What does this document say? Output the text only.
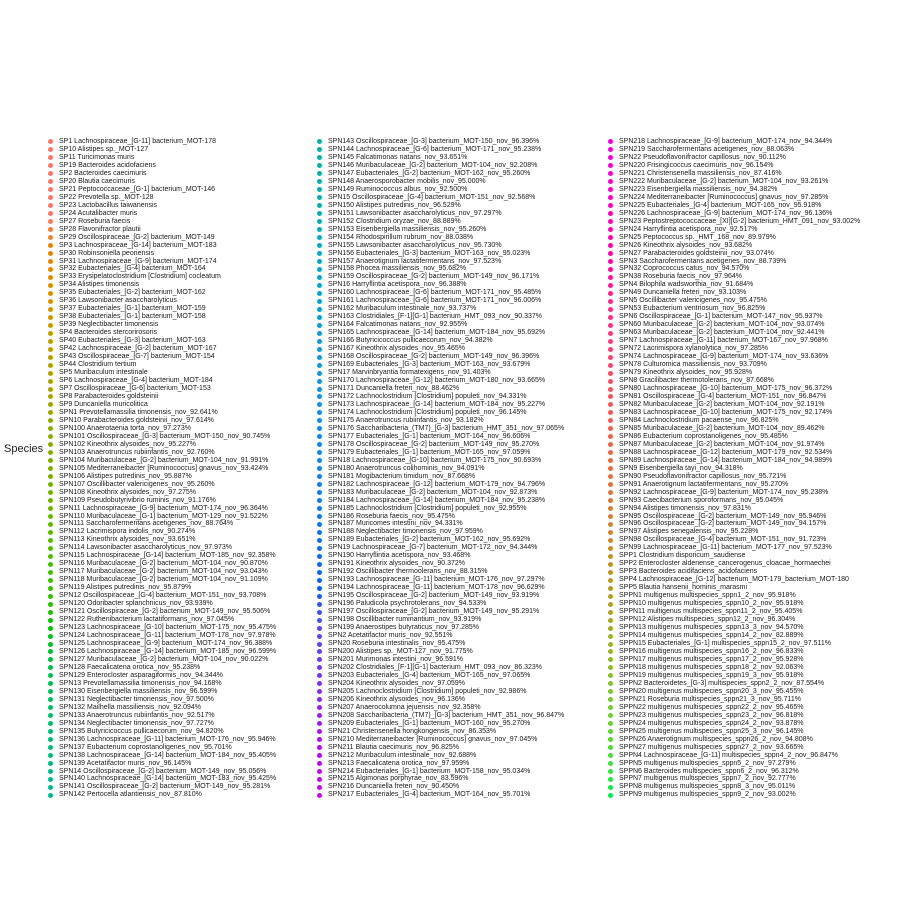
Species
SP1 Lachnospiraceae_[G-11] bacterium_MOT-178
SP10 Alistipes sp._MOT-127
SP11 Turicimonas muris
SP19 Bacteroides acidofaciens
SP2 Bacteroides caecimuris
SP20 Blautia caecimuris
SP21 Peptococcaceae_[G-1] bacterium_MOT-146
SP22 Prevotella sp._MOT-128
SP23 Lactobacillus taiwanensis
SP24 Acutalibacter muris
SP27 Roseburia faecis
SP28 Flavonifractor plautii
SP29 Oscillospiraceae_[G-2] bacterium_MOT-149
SP3 Lachnospiraceae_[G-14] bacterium_MOT-183
SP30 Robinsoniella peoriensis
SP31 Lachnospiraceae_[G-9] bacterium_MOT-174
SP32 Eubacteriales_[G-4] bacterium_MOT-164
SP33 Erysipelatoclostridium [Clostridium] cocleatum
SP34 Alistipes timonensis
SP35 Eubacteriales_[G-2] bacterium_MOT-162
SP36 Lawsonibacter asaccharolyticus
SP37 Eubacteriales_[G-1] bacterium_MOT-159
SP38 Eubacteriales_[G-1] bacterium_MOT-158
SP39 Neglectibacter timonensis
SP4 Bacteroides stercorirosoris
SP40 Eubacteriales_[G-3] bacterium_MOT-163
SP42 Lachnospiraceae_[G-2] bacterium_MOT-167
SP43 Oscillospiraceae_[G-7] bacterium_MOT-154
SP44 Clostridium tertium
SP5 Muribaculum intestinale
SP6 Lachnospiraceae_[G-4] bacterium_MOT-184
SP7 Oscillospiraceae_[G-6] bacterium_MOT-153
SP8 Parabacteroides goldsteinii
SP9 Duncaniella muricolitica
SPN1 Prevotellamassilia timonensis_nov_92.641%
SPN10 Parabacteroides goldsteinii_nov_97.614%
SPN100 Anaerotaenia torta_nov_97.273%
SPN101 Oscillospiraceae_[G-3] bacterium_MOT-150_nov_90.745%
SPN102 Kineothrix alysoides_nov_95.227%
SPN103 Anaerotruncus rubiinfantis_nov_92.760%
SPN104 Muribaculaceae_[G-2] bacterium_MOT-104_nov_91.991%
SPN105 Mediterraneibacter [Ruminococcus] gnavus_nov_93.424%
SPN106 Alistipes putredinis_nov_95.887%
SPN107 Oscillibacter valericigenes_nov_95.260%
SPN108 Kineothrix alysoides_nov_97.275%
SPN109 Pseudobutyrivibrio ruminis_nov_91.176%
SPN11 Lachnospiraceae_[G-9] bacterium_MOT-174_nov_96.364%
SPN110 Muribaculaceae_[G-1] bacterium_MOT-129_nov_91.522%
SPN111 Saccharofermentans acetigenes_nov_88.764%
SPN112 Lacrimispora indolis_nov_90.274%
SPN113 Kineothrix alysoides_nov_93.651%
SPN114 Lawsonibacter asaccharolyticus_nov_97.973%
SPN115 Lachnospiraceae_[G-14] bacterium_MOT-185_nov_92.358%
SPN116 Muribaculaceae_[G-2] bacterium_MOT-104_nov_90.870%
SPN117 Muribaculaceae_[G-2] bacterium_MOT-104_nov_93.043%
SPN118 Muribaculaceae_[G-2] bacterium_MOT-104_nov_91.109%
SPN119 Alistipes putredinis_nov_95.879%
SPN12 Oscillospiraceae_[G-4] bacterium_MOT-151_nov_93.708%
SPN120 Odoribacter splanchnicus_nov_93.939%
SPN121 Oscillospiraceae_[G-2] bacterium_MOT-149_nov_95.506%
SPN122 Ruthenibacterium lactatiformans_nov_97.045%
SPN123 Lachnospiraceae_[G-10] bacterium_MOT-175_nov_95.475%
SPN124 Lachnospiraceae_[G-11] bacterium_MOT-178_nov_97.978%
SPN125 Lachnospiraceae_[G-9] bacterium_MOT-174_nov_96.388%
SPN126 Lachnospiraceae_[G-14] bacterium_MOT-185_nov_96.599%
SPN127 Muribaculaceae_[G-2] bacterium_MOT-104_nov_90.022%
SPN128 Faecalicatena orotica_nov_95.238%
SPN129 Enterocloster asparagiformis_nov_94.344%
SPN13 Prevotellamassilia timonensis_nov_94.168%
SPN130 Eisenbergiella massiliensis_nov_96.599%
SPN131 Neglectibacter timonensis_nov_97.500%
SPN132 Mailhella massiliensis_nov_92.094%
SPN133 Anaerotruncus rubiinfantis_nov_92.517%
SPN134 Neglectibacter timonensis_nov_97.727%
SPN135 Butyricicoccus pullicaecorum_nov_94.820%
SPN136 Lachnospiraceae_[G-11] bacterium_MOT-176_nov_95.946%
SPN137 Eubacterium coprostanoligenes_nov_95.701%
SPN138 Lachnospiraceae_[G-14] bacterium_MOT-184_nov_95.405%
SPN139 Acetatifactor muris_nov_96.145%
SPN14 Oscillospiraceae_[G-2] bacterium_MOT-149_nov_95.056%
SPN140 Lachnospiraceae_[G-14] bacterium_MOT-183_nov_95.425%
SPN141 Oscillospiraceae_[G-2] bacterium_MOT-149_nov_95.281%
SPN142 Pertocella atlantiensis_nov_87.810%
SPN143 Oscillospiraceae_[G-3] bacterium_MOT-150_nov_96.396%
SPN144 Lachnospiraceae_[G-6] bacterium_MOT-171_nov_95.238%
SPN145 Falcatimonas natans_nov_93.651%
SPN146 Muribaculaceae_[G-2] bacterium_MOT-104_nov_92.208%
SPN147 Eubacteriales_[G-2] bacterium_MOT-162_nov_95.260%
SPN148 Anaerosporobacter mobilis_nov_95.000%
SPN149 Ruminococcus albus_nov_92.500%
SPN15 Oscillospiraceae_[G-4] bacterium_MOT-151_nov_92.568%
SPN150 Alistipes putredinis_nov_96.529%
SPN151 Lawsonibacter asaccharolyticus_nov_97.297%
SPN152 Clostridium oryzae_nov_88.889%
SPN153 Eisenbergiella massiliensis_nov_95.260%
SPN154 Rhodospirillum rubrum_nov_88.038%
SPN155 Lawsonibacter asaccharolyticus_nov_95.730%
SPN156 Eubacteriales_[G-3] bacterium_MOT-163_nov_95.023%
SPN157 Anaerotignum lactatifermentans_nov_97.523%
SPN158 Phocea massiliensis_nov_95.682%
SPN159 Oscillospiraceae_[G-2] bacterium_MOT-149_nov_96.171%
SPN16 Harryflintia acetispora_nov_96.388%
SPN160 Lachnospiraceae_[G-6] bacterium_MOT-171_nov_95.485%
SPN161 Lachnospiraceae_[G-6] bacterium_MOT-171_nov_96.006%
SPN162 Muribaculum intestinale_nov_93.737%
SPN163 Clostridiales_[F-1][G-1] bacterium_HMT_093_nov_90.337%
SPN164 Falcatimonas natans_nov_92.955%
SPN165 Lachnospiraceae_[G-14] bacterium_MOT-184_nov_95.692%
SPN166 Butyricicoccus pullicaecorum_nov_94.382%
SPN167 Kineothrix alysoides_nov_95.465%
SPN168 Oscillospiraceae_[G-2] bacterium_MOT-149_nov_96.396%
SPN169 Eubacteriales_[G-3] bacterium_MOT-163_nov_93.679%
SPN17 Marvinbryantia formatexigens_nov_91.403%
SPN170 Lachnospiraceae_[G-12] bacterium_MOT-180_nov_93.665%
SPN171 Duncaniella freteri_nov_88.462%
SPN172 Lachnoclostridium [Clostridium] populeti_nov_94.331%
SPN173 Lachnospiraceae_[G-14] bacterium_MOT-184_nov_95.227%
SPN174 Lachnoclostridium [Clostridium] populeti_nov_96.145%
SPN175 Anaerotruncus rubiinfantis_nov_93.182%
SPN176 Saccharibacteria_(TM7)_[G-3] bacterium_HMT_351_nov_97.065%
SPN177 Eubacteriales_[G-1] bacterium_MOT-164_nov_96.606%
SPN178 Oscillospiraceae_[G-2] bacterium_MOT-149_nov_95.270%
SPN179 Eubacteriales_[G-1] bacterium_MOT-165_nov_97.059%
SPN18 Lachnospiraceae_[G-10] bacterium_MOT-175_nov_90.693%
SPN180 Anaerotruncus colihominis_nov_94.091%
SPN181 Mogibacterium timidum_nov_87.668%
SPN182 Lachnospiraceae_[G-12] bacterium_MOT-179_nov_94.796%
SPN183 Muribaculaceae_[G-2] bacterium_MOT-104_nov_92.873%
SPN184 Lachnospiraceae_[G-14] bacterium_MOT-184_nov_95.238%
SPN185 Lachnoclostridium [Clostridium] populeti_nov_92.955%
SPN186 Roseburia faecis_nov_95.475%
SPN187 Muricomes intestini_nov_94.331%
SPN188 Neglectibacter timonensis_nov_97.959%
SPN189 Eubacteriales_[G-2] bacterium_MOT-162_nov_95.692%
SPN19 Lachnospiraceae_[G-7] bacterium_MOT-172_nov_94.344%
SPN190 Harryflintia acetispora_nov_93.468%
SPN191 Kineothrix alysoides_nov_90.372%
SPN192 Oscillibacter thermoolerans_nov_88.315%
SPN193 Lachnospiraceae_[G-11] bacterium_MOT-176_nov_97.297%
SPN194 Lachnospiraceae_[G-11] bacterium_MOT-178_nov_96.629%
SPN195 Oscillospiraceae_[G-2] bacterium_MOT-149_nov_93.919%
SPN196 Paludicola psychrotolerans_nov_94.533%
SPN197 Oscillospiraceae_[G-2] bacterium_MOT-149_nov_95.291%
SPN198 Oscillibacter ruminantium_nov_93.919%
SPN199 Anaerostipes butyraticus_nov_97.285%
SPN2 Acetatifactor muris_nov_92.551%
SPN20 Roseburia intestinalis_nov_95.475%
SPN200 Alistipes sp._MOT-127_nov_91.775%
SPN201 Murimonas intestini_nov_96.591%
SPN202 Clostridiales_[F-1][G-1] bacterium_HMT_093_nov_86.323%
SPN203 Eubacteriales_[G-4] bacterium_MOT-165_nov_97.065%
SPN204 Kineothrix alysoides_nov_97.059%
SPN205 Lachnoclostridium [Clostridium] populeti_nov_92.986%
SPN206 Kineothrix alysoides_nov_96.136%
SPN207 Anaerocolumna jejuensis_nov_92.358%
SPN208 Saccharibacteria_(TM7)_[G-3] bacterium_HMT_351_nov_96.847%
SPN209 Eubacteriales_[G-1] bacterium_MOT-160_nov_95.270%
SPN21 Christensenella hongkongensis_nov_86.353%
SPN210 Mediterraneibacter [Ruminococcus] gnavus_nov_97.045%
SPN211 Blautia caecimuris_nov_96.825%
SPN212 Muribaculum intestinale_nov_92.688%
SPN213 Faecalicatena orotica_nov_97.959%
SPN214 Eubacteriales_[G-1] bacterium_MOT-158_nov_95.034%
SPN215 Algimonas porphyrae_nov_83.596%
SPN216 Duncaniella freteri_nov_90.450%
SPN217 Eubacteriales_[G-4] bacterium_MOT-164_nov_95.701%
SPN218 Lachnospiraceae_[G-9] bacterium_MOT-174_nov_94.344%
SPN219 Saccharofermentans acetigenes_nov_88.063%
SPN22 Pseudoflavonifractor capillosus_nov_90.112%
SPN220 Frisingicoccus caecimuris_nov_96.154%
SPN221 Christensenella massiliensis_nov_87.416%
SPN222 Muribaculaceae_[G-2] bacterium_MOT-104_nov_93.261%
SPN223 Eisenbergiella massiliensis_nov_94.382%
SPN224 Mediterraneibacter [Ruminococcus] gnavus_nov_97.285%
SPN225 Eubacteriales_[G-4] bacterium_MOT-165_nov_95.918%
SPN226 Lachnospiraceae_[G-9] bacterium_MOT-174_nov_96.136%
SPN23 Peptostreptococcaceae_[XI][G-2] bacterium_HMT_091_nov_93.002%
SPN24 Harryflintia acetispora_nov_92.517%
SPN25 Peptococcus sp._HMT_168_nov_89.979%
SPN26 Kineothrix alysoides_nov_93.682%
SPN27 Parabacteroides goldsteinii_nov_93.074%
SPN3 Saccharofermentans acetigenes_nov_88.739%
SPN32 Coprococcus catus_nov_94.570%
SPN38 Roseburia faecis_nov_97.964%
SPN4 Bilophila wadsworthia_nov_91.684%
SPN49 Duncaniella freteri_nov_93.103%
SPN5 Oscillibacter valericigenes_nov_95.475%
SPN53 Eubacterium ventriosum_nov_96.825%
SPN6 Oscillospiraceae_[G-1] bacterium_MOT-147_nov_95.937%
SPN60 Muribaculaceae_[G-2] bacterium_MOT-104_nov_93.074%
SPN63 Muribaculaceae_[G-2] bacterium_MOT-104_nov_92.441%
SPN7 Lachnospiraceae_[G-11] bacterium_MOT-167_nov_97.968%
SPN72 Lacrimispora xylanolytica_nov_97.285%
SPN74 Lachnospiraceae_[G-9] bacterium_MOT-174_nov_93.636%
SPN78 Culturomica massiliensis_nov_93.709%
SPN79 Kineothrix alysoides_nov_95.928%
SPN8 Gracilibacter thermotolerans_nov_87.668%
SPN80 Lachnospiraceae_[G-10] bacterium_MOT-175_nov_96.372%
SPN81 Oscillospiraceae_[G-4] bacterium_MOT-151_nov_96.847%
SPN82 Muribaculaceae_[G-2] bacterium_MOT-104_nov_92.191%
SPN83 Lachnospiraceae_[G-10] bacterium_MOT-175_nov_92.174%
SPN84 Lachnoclostridium pacaense_nov_96.825%
SPN85 Muribaculaceae_[G-2] bacterium_MOT-104_nov_89.462%
SPN86 Eubacterium coprostanoligenes_nov_95.485%
SPN87 Muribaculaceae_[G-2] bacterium_MOT-104_nov_91.974%
SPN88 Lachnospiraceae_[G-12] bacterium_MOT-179_nov_92.534%
SPN89 Lachnospiraceae_[G-14] bacterium_MOT-184_nov_94.989%
SPN9 Eisenbergiella tayi_nov_94.318%
SPN90 Pseudoflavonifractor capillosus_nov_95.721%
SPN91 Anaerotignum lactatifermentans_nov_95.270%
SPN92 Lachnospiraceae_[G-9] bacterium_MOT-174_nov_95.238%
SPN93 Caecibacterium sporoformans_nov_95.045%
SPN94 Alistipes timonensis_nov_97.831%
SPN95 Oscillospiraceae_[G-2] bacterium_MOT-149_nov_95.946%
SPN96 Oscillospiraceae_[G-2] bacterium_MOT-149_nov_94.157%
SPN97 Alistipes senegalensis_nov_95.228%
SPN98 Oscillospiraceae_[G-4] bacterium_MOT-151_nov_91.723%
SPN99 Lachnospiraceae_[G-11] bacterium_MOT-177_nov_97.523%
SPP1 Clostridium disporicum_saudiense
SPP2 Enterocloster aldenense_cancerogenus_cloacae_hormaechei
SPP3 Bacteroides acidifaciens_acidofaciens
SPP4 Lachnospiraceae_[G-12] bacterium_MOT-179_bacterium_MOT-180
SPP5 Blautia hansenii_hominis_marasmi
SPPN1 multigenus multispecies_sppn1_2_nov_95.918%
SPPN10 multigenus multispecies_sppn10_2_nov_95.918%
SPPN11 multigenus multispecies_sppn11_2_nov_95.405%
SPPN12 Alistipes multispecies_sppn12_2_nov_96.304%
SPPN13 multigenus multispecies_sppn13_3_nov_94.570%
SPPN14 multigenus multispecies_sppn14_2_nov_82.889%
SPPN15 Eubacteriales_[G-1] multispecies_sppn15_2_nov_97.511%
SPPN16 multigenus multispecies_sppn16_2_nov_96.833%
SPPN17 multigenus multispecies_sppn17_2_nov_95.928%
SPPN18 multigenus multispecies_sppn18_2_nov_92.063%
SPPN19 multigenus multispecies_sppn19_3_nov_95.918%
SPPN2 Bacteroidetes_[G-3] multispecies_sppn2_2_nov_87.554%
SPPN20 multigenus multispecies_sppn20_3_nov_95.455%
SPPN21 Roseburia multispecies_sppn21_3_nov_95.711%
SPPN22 multigenus multispecies_sppn22_2_nov_95.465%
SPPN23 multigenus multispecies_sppn23_2_nov_96.818%
SPPN24 multigenus multispecies_sppn24_2_nov_93.878%
SPPN25 multigenus multispecies_sppn25_3_nov_96.145%
SPPN26 Anaerotignum multispecies_sppn26_2_nov_94.808%
SPPN27 multigenus multispecies_sppn27_2_nov_93.665%
SPPN4 Lachnospiraceae_[G-11] multispecies_sppn4_2_nov_96.847%
SPPN5 multigenus multispecies_sppn5_2_nov_97.279%
SPPN6 Bacteroides multispecies_sppn6_2_nov_96.312%
SPPN7 multigenus multispecies_sppn7_2_nov_92.777%
SPPN8 multigenus multispecies_sppn8_3_nov_95.011%
SPPN9 multigenus multispecies_sppn9_2_nov_93.002%
